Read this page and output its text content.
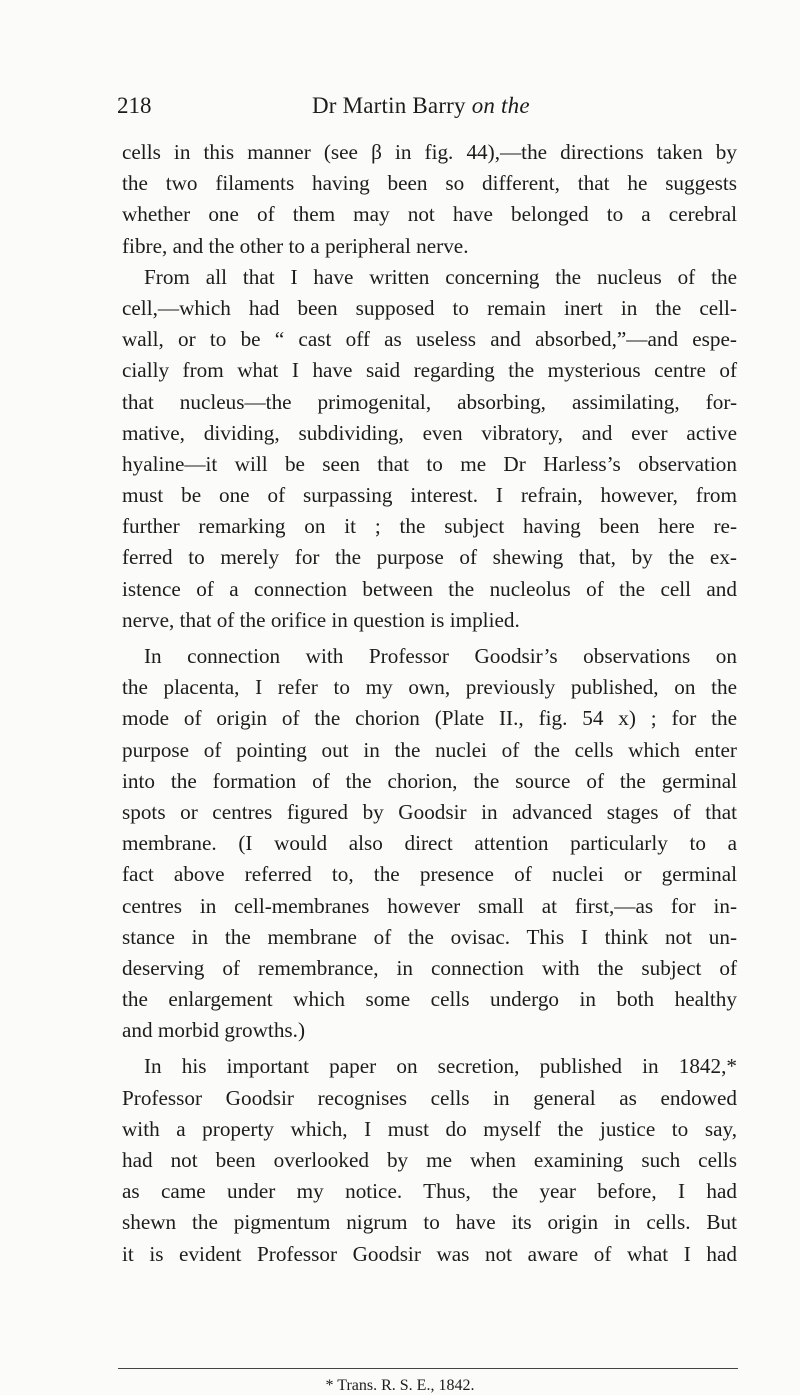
218	Dr Martin Barry on the
cells in this manner (see β in fig. 44),—the directions taken by
the two filaments having been so different, that he suggests
whether one of them may not have belonged to a cerebral
fibre, and the other to a peripheral nerve.
From all that I have written concerning the nucleus of the
cell,—which had been supposed to remain inert in the cell-
wall, or to be “ cast off as useless and absorbed,”—and espe-
cially from what I have said regarding the mysterious centre of
that nucleus—the primogenital, absorbing, assimilating, for-
mative, dividing, subdividing, even vibratory, and ever active
hyaline—it will be seen that to me Dr Harless’s observation
must be one of surpassing interest. I refrain, however, from
further remarking on it ; the subject having been here re-
ferred to merely for the purpose of shewing that, by the ex-
istence of a connection between the nucleolus of the cell and
nerve, that of the orifice in question is implied.
In connection with Professor Goodsir’s observations on
the placenta, I refer to my own, previously published, on the
mode of origin of the chorion (Plate II., fig. 54 x) ; for the
purpose of pointing out in the nuclei of the cells which enter
into the formation of the chorion, the source of the germinal
spots or centres figured by Goodsir in advanced stages of that
membrane. (I would also direct attention particularly to a
fact above referred to, the presence of nuclei or germinal
centres in cell-membranes however small at first,—as for in-
stance in the membrane of the ovisac. This I think not un-
deserving of remembrance, in connection with the subject of
the enlargement which some cells undergo in both healthy
and morbid growths.)
In his important paper on secretion, published in 1842,*
Professor Goodsir recognises cells in general as endowed
with a property which, I must do myself the justice to say,
had not been overlooked by me when examining such cells
as came under my notice. Thus, the year before, I had
shewn the pigmentum nigrum to have its origin in cells. But
it is evident Professor Goodsir was not aware of what I had
* Trans. R. S. E., 1842.
